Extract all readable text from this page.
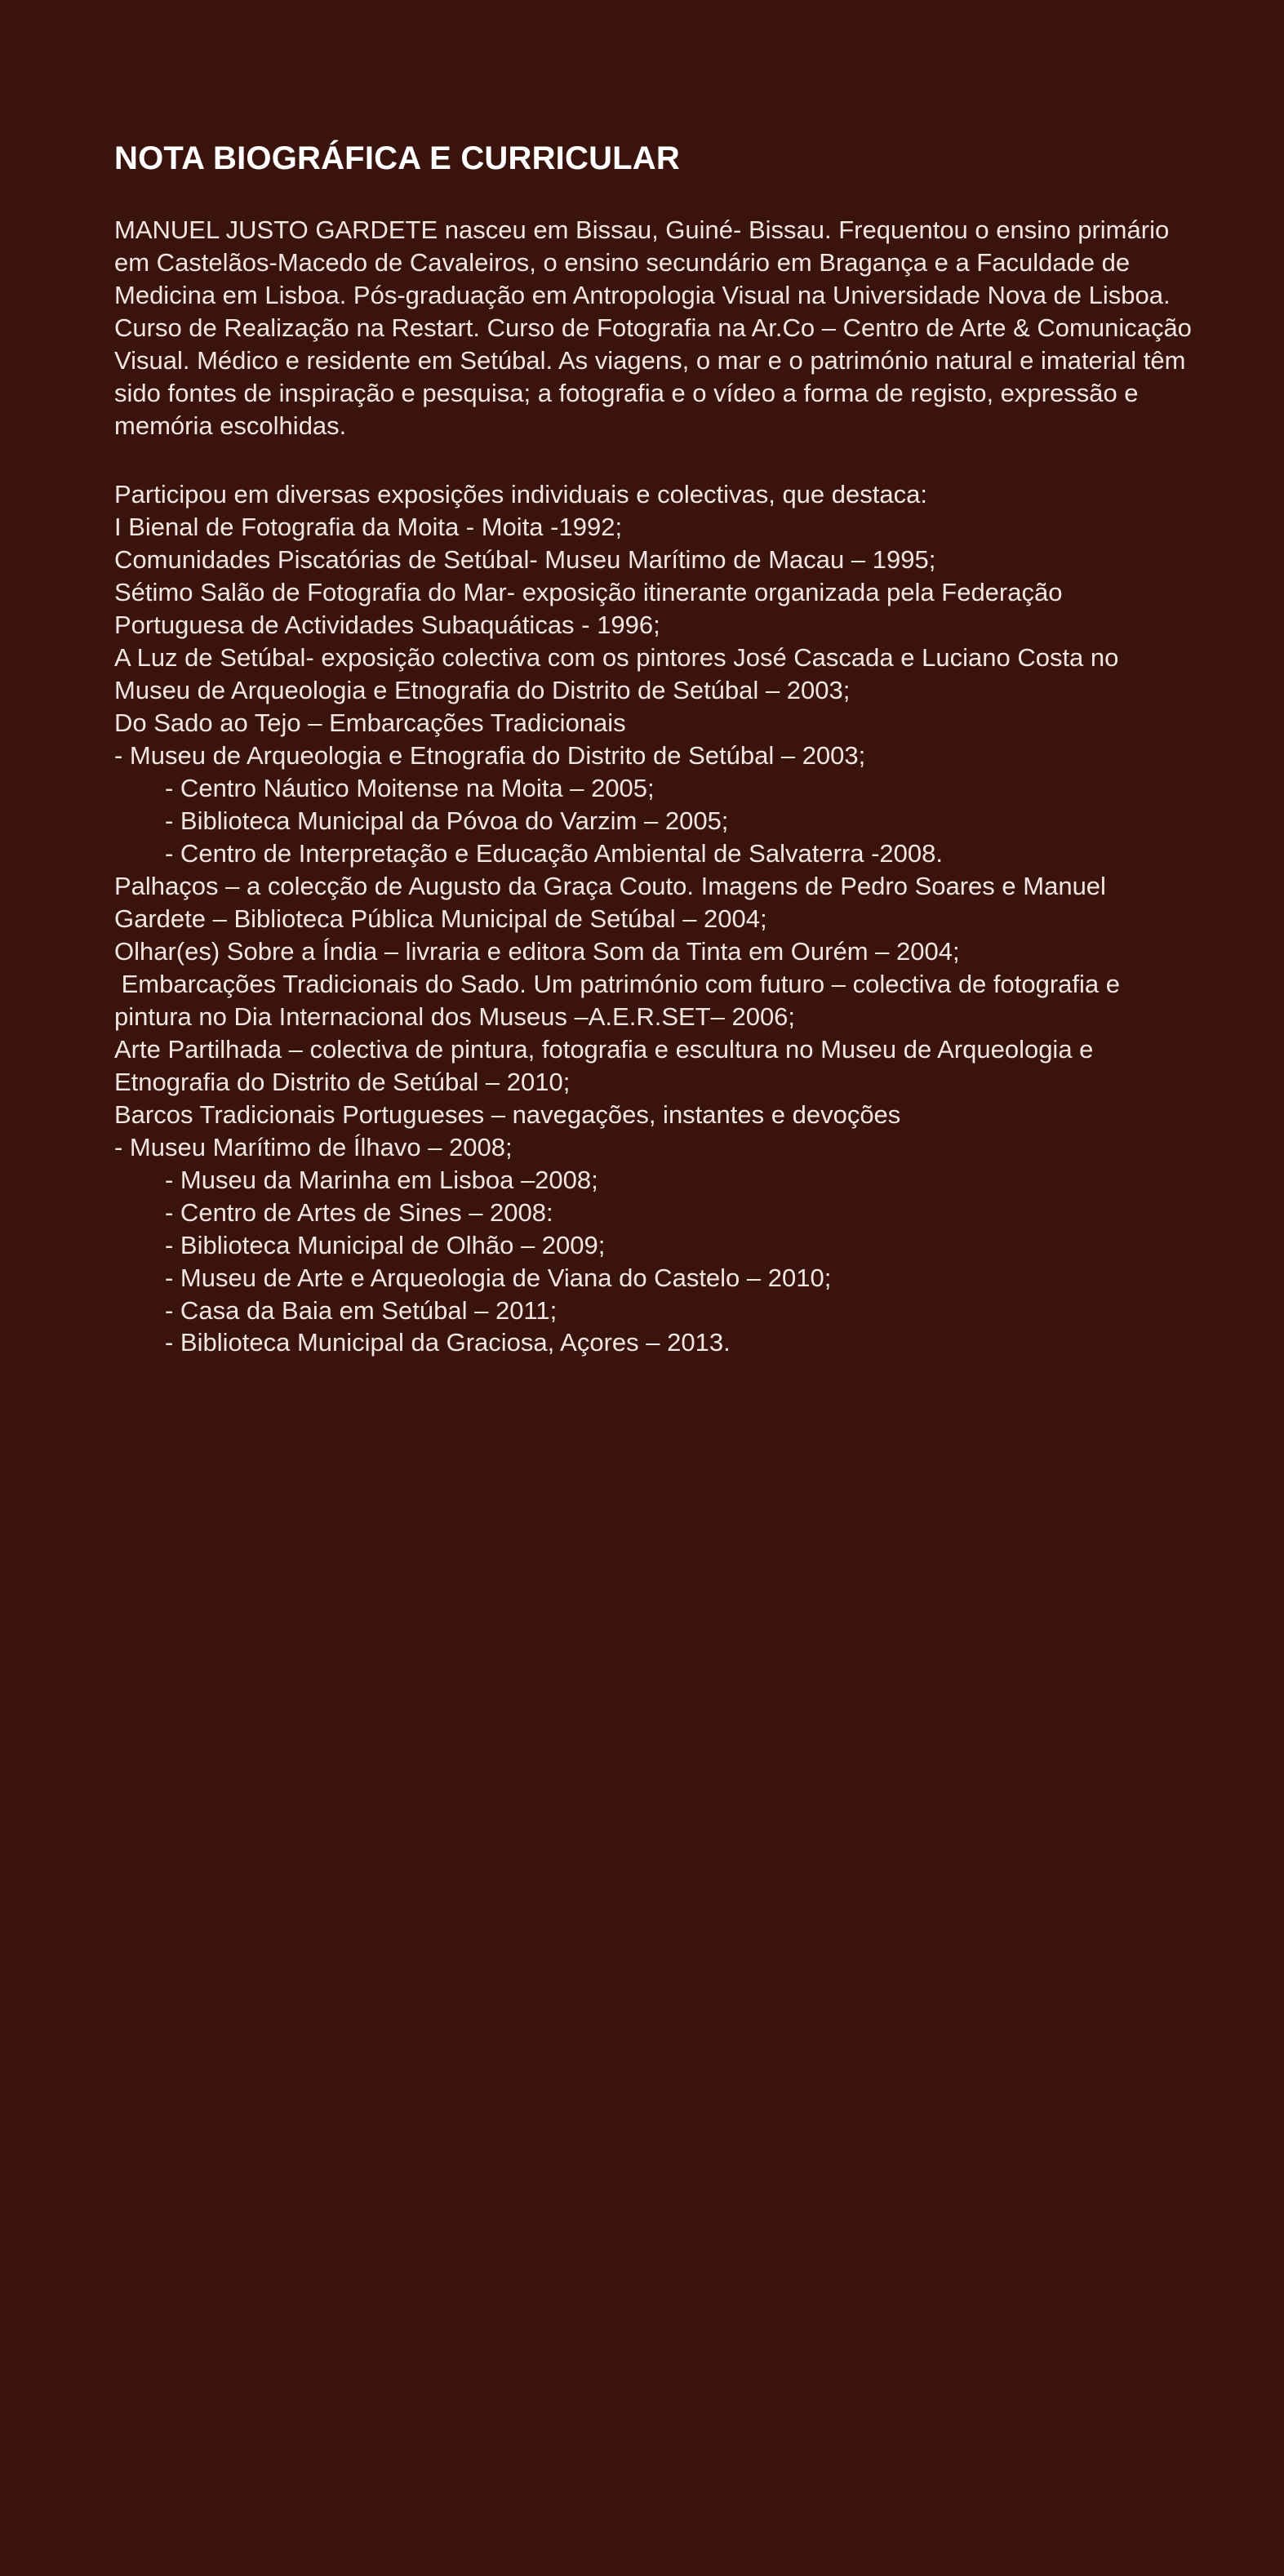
NOTA BIOGRÁFICA E CURRICULAR

MANUEL JUSTO GARDETE nasceu em Bissau, Guiné- Bissau. Frequentou o ensino primário em Castelãos-Macedo de Cavaleiros, o ensino secundário em Bragança e a Faculdade de Medicina em Lisboa. Pós-graduação em Antropologia Visual na Universidade Nova de Lisboa. Curso de Realização na Restart. Curso de Fotografia na Ar.Co – Centro de Arte & Comunicação Visual. Médico e residente em Setúbal. As viagens, o mar e o património natural e imaterial têm sido fontes de inspiração e pesquisa; a fotografia e o vídeo a forma de registo, expressão e memória escolhidas.

Participou em diversas exposições individuais e colectivas, que destaca:

I Bienal de Fotografia da Moita - Moita -1992;
Comunidades Piscatórias de Setúbal- Museu Marítimo de Macau – 1995;
Sétimo Salão de Fotografia do Mar- exposição itinerante organizada pela Federação Portuguesa de Actividades Subaquáticas - 1996;
A Luz de Setúbal- exposição colectiva com os pintores José Cascada e Luciano Costa no Museu de Arqueologia e Etnografia do Distrito de Setúbal – 2003;
Do Sado ao Tejo – Embarcações Tradicionais
- Museu de Arqueologia e Etnografia do Distrito de Setúbal – 2003;
- Centro Náutico Moitense na Moita – 2005;
- Biblioteca Municipal da Póvoa do Varzim – 2005;
- Centro de Interpretação e Educação Ambiental de Salvaterra -2008.
Palhaços – a colecção de Augusto da Graça Couto. Imagens de Pedro Soares e Manuel Gardete – Biblioteca Pública Municipal de Setúbal – 2004;
Olhar(es) Sobre a Índia – livraria e editora Som da Tinta em Ourém – 2004;
Embarcações Tradicionais do Sado. Um património com futuro – colectiva de fotografia e pintura no Dia Internacional dos Museus –A.E.R.SET– 2006;
Arte Partilhada – colectiva de pintura, fotografia e escultura no Museu de Arqueologia e Etnografia do Distrito de Setúbal – 2010;
Barcos Tradicionais Portugueses – navegações, instantes e devoções
- Museu Marítimo de Ílhavo – 2008;
- Museu da Marinha em Lisboa –2008;
- Centro de Artes de Sines – 2008:
- Biblioteca Municipal de Olhão – 2009;
- Museu de Arte e Arqueologia de Viana do Castelo – 2010;
- Casa da Baia em Setúbal – 2011;
- Biblioteca Municipal da Graciosa, Açores – 2013.
